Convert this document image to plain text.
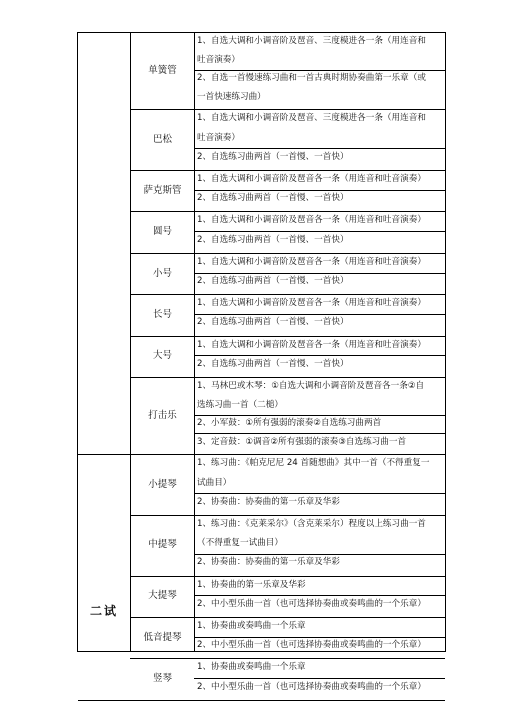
1、自选大调和小调音阶及琶音、三度模进各一条（用连音和
吐音演奏）
2、自选一首慢速练习曲和一首古典时期协奏曲第一乐章（或
一首快速练习曲）
单簧管
1、自选大调和小调音阶及琶音、三度模进各一条（用连音和
吐音演奏）
2、自选练习曲两首（一首慢、一首快）
巴松
1、自选大调和小调音阶及琶音各一条（用连音和吐音演奏）
2、自选练习曲两首（一首慢、一首快）
萨克斯管
1、自选大调和小调音阶及琶音各一条（用连音和吐音演奏）
2、自选练习曲两首（一首慢、一首快）
圆号
1、自选大调和小调音阶及琶音各一条（用连音和吐音演奏）
2、自选练习曲两首（一首慢、一首快）
小号
1、自选大调和小调音阶及琶音各一条（用连音和吐音演奏）
2、自选练习曲两首（一首慢、一首快）
长号
1、自选大调和小调音阶及琶音各一条（用连音和吐音演奏）
2、自选练习曲两首（一首慢、一首快）
大号
1、马林巴或木琴：①自选大调和小调音阶及琶音各一条②自
选练习曲一首（二槌）
2、小军鼓：①所有强弱的滚奏②自选练习曲两首
3、定音鼓：①调音②所有强弱的滚奏③自选练习曲一首
打击乐
1、练习曲：《帕克尼尼 24 首随想曲》其中一首（不得重复一
试曲目）
2、协奏曲：协奏曲的第一乐章及华彩
小提琴
1、练习曲：《克莱采尔》（含克莱采尔）程度以上练习曲一首
（不得重复一试曲目）
2、协奏曲：协奏曲的第一乐章及华彩
中提琴
1、协奏曲的第一乐章及华彩
2、中小型乐曲一首（也可选择协奏曲或奏鸣曲的一个乐章）
大提琴
1、协奏曲或奏鸣曲一个乐章
2、中小型乐曲一首（也可选择协奏曲或奏鸣曲的一个乐章）
低音提琴
1、协奏曲或奏鸣曲一个乐章
2、中小型乐曲一首（也可选择协奏曲或奏鸣曲的一个乐章）
竖琴
二试
